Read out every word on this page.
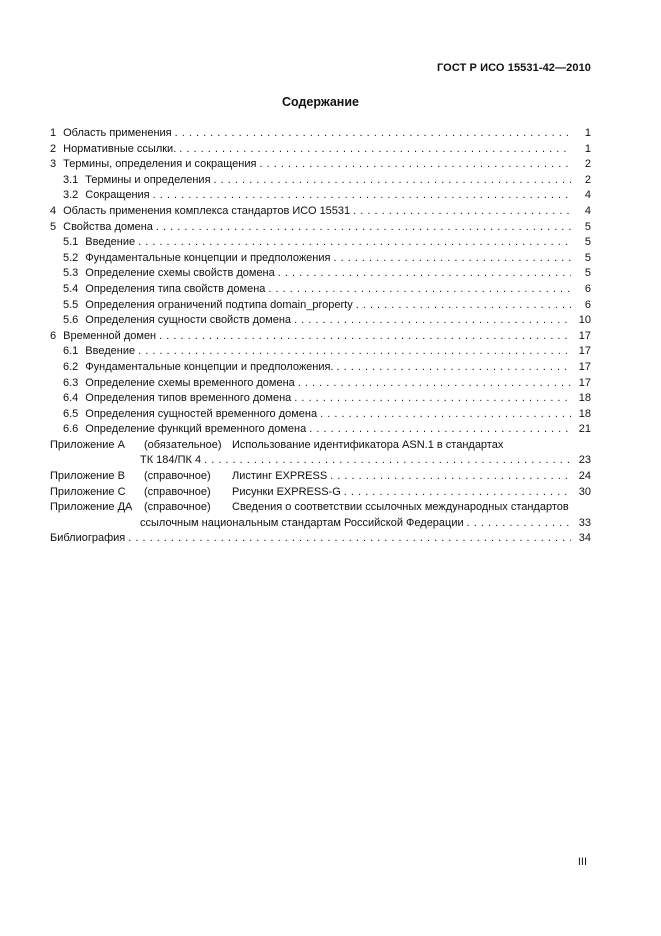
ГОСТ Р ИСО 15531-42—2010
Содержание
1 Область применения . . .	1
2 Нормативные ссылки. . . .	1
3 Термины, определения и сокращения . . .	2
3.1 Термины и определения . . .	2
3.2 Сокращения . . .	4
4 Область применения комплекса стандартов ИСО 15531 . . .	4
5 Свойства домена . . .	5
5.1 Введение . . .	5
5.2 Фундаментальные концепции и предположения . . .	5
5.3 Определение схемы свойств домена . . .	5
5.4 Определения типа свойств домена . . .	6
5.5 Определения ограничений подтипа domain_property . . .	6
5.6 Определения сущности свойств домена . . .	10
6 Временной домен . . .	17
6.1 Введение . . .	17
6.2 Фундаментальные концепции и предположения. . . .	17
6.3 Определение схемы временного домена . . .	17
6.4 Определения типов временного домена . . .	18
6.5 Определения сущностей временного домена . . .	18
6.6 Определение функций временного домена . . .	21
Приложение А	(обязательное) Использование идентификатора ASN.1 в стандартах
ТК 184/ПК 4 . . .	23
Приложение В	(справочное)	Листинг EXPRESS . . .	24
Приложение С	(справочное)	Рисунки EXPRESS-G . . .	30
Приложение ДА	(справочное)	Сведения о соответствии ссылочных международных стандартов
ссылочным национальным стандартам Российской Федерации . . .	33
Библиография . . .	34
III
